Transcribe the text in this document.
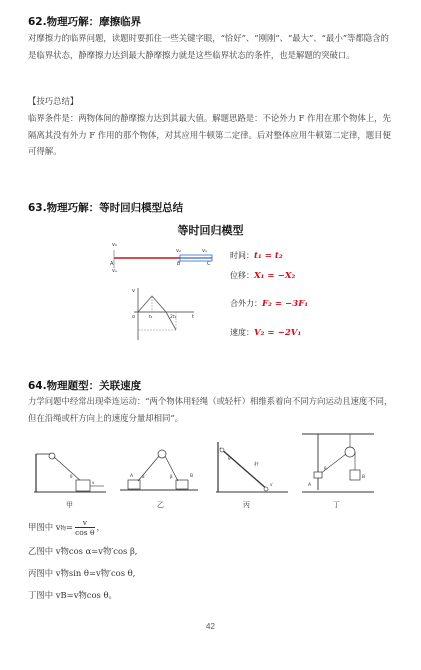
62.物理巧解：摩擦临界
对摩擦力的临界问题，读题时要抓住一些关键字眼，“恰好”、“刚刚”、“最大”、“最小”等都隐含的是临界状态，静摩擦力达到最大静摩擦力就是这些临界状态的条件，也是解题的突破口。
【技巧总结】
临界条件是：两物体间的静摩擦力达到其最大值。解题思路是：不论外力 F 作用在那个物体上，先隔离其没有外力 F 作用的那个物体，对其应用牛顿第二定律。后对整体应用牛顿第二定律，题目便可得解。
63.物理巧解：等时回归模型总结
等时回归模型
v₀
A
vₐ
v₂
B
v₁
C
v
o	t
t₁	2t₁
时间：t₁ = t₂
位移：X₁ = −X₂
合外力：F₂ = −3F₁
速度：V₂ = −2V₁
64.物理题型：关联速度
力学问题中经常出现牵连运动：“两个物体用轻绳（或轻杆）相维系着向不同方向运动且速度不同，但在沿绳或杆方向上的速度分量却相同”。
θ
v
甲
A	B
α	β
乙
杆
θ
v′
丙
A
B
θ
丁
甲图中 v物= $\frac{v}{\text{cos θ}}$ ，
乙图中 v物cos α=v物′cos β,
丙图中 v物sin θ=v物′cos θ,
丁图中 vB=v物cos θ。
42
